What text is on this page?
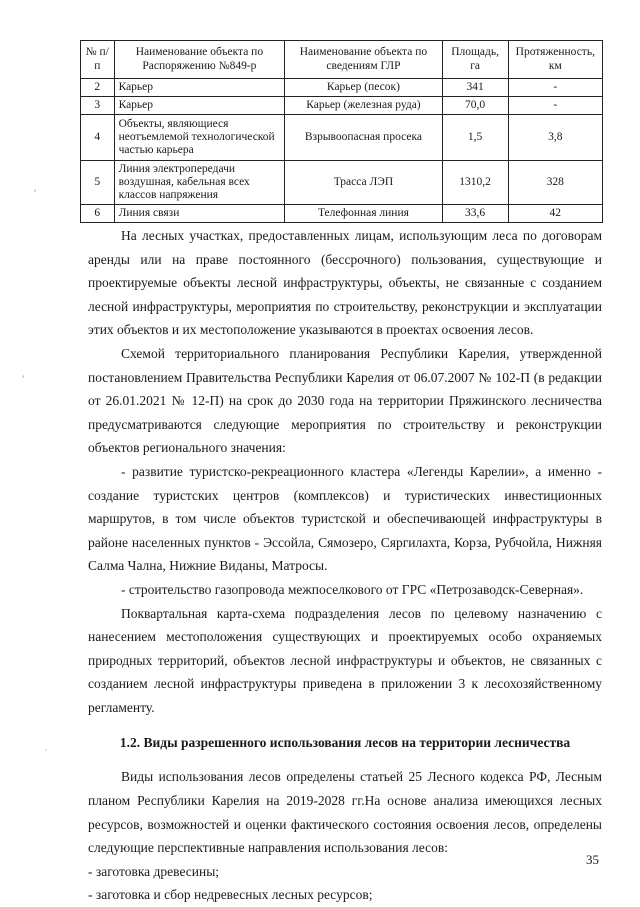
№ п/п	Наименование объекта по Распоряжению №849-р	Наименование объекта по сведениям ГЛР	Площадь, га	Протяженность, км
2	Карьер	Карьер (песок)	341	-
3	Карьер	Карьер (железная руда)	70,0	-
4	Объекты, являющиеся неотъемлемой технологической частью карьера	Взрывоопасная просека	1,5	3,8
5	Линия электропередачи воздушная, кабельная всех классов напряжения	Трасса ЛЭП	1310,2	328
6	Линия связи	Телефонная линия	33,6	42

На лесных участках, предоставленных лицам, использующим леса по договорам аренды или на праве постоянного (бессрочного) пользования, существующие и проектируемые объекты лесной инфраструктуры, объекты, не связанные с созданием лесной инфраструктуры, мероприятия по строительству, реконструкции и эксплуатации этих объектов и их местоположение указываются в проектах освоения лесов.

Схемой территориального планирования Республики Карелия, утвержденной постановлением Правительства Республики Карелия от 06.07.2007 № 102-П (в редакции от 26.01.2021 № 12-П) на срок до 2030 года на территории Пряжинского лесничества предусматриваются следующие мероприятия по строительству и реконструкции объектов регионального значения:

- развитие туристско-рекреационного кластера «Легенды Карелии», а именно - создание туристских центров (комплексов) и туристических инвестиционных маршрутов, в том числе объектов туристской и обеспечивающей инфраструктуры в районе населенных пунктов - Эссойла, Сямозеро, Сяргилахта, Корза, Рубчойла, Нижняя Салма Чална, Нижние Виданы, Матросы.

- строительство газопровода межпоселкового от ГРС «Петрозаводск-Северная».

Поквартальная карта-схема подразделения лесов по целевому назначению с нанесением местоположения существующих и проектируемых особо охраняемых природных территорий, объектов лесной инфраструктуры и объектов, не связанных с созданием лесной инфраструктуры приведена в приложении 3 к лесохозяйственному регламенту.

1.2. Виды разрешенного использования лесов на территории лесничества

Виды использования лесов определены статьей 25 Лесного кодекса РФ, Лесным планом Республики Карелия на 2019-2028 гг.На основе анализа имеющихся лесных ресурсов, возможностей и оценки фактического состояния освоения лесов, определены следующие перспективные направления использования лесов:

- заготовка древесины;

- заготовка и сбор недревесных лесных ресурсов;

35
′
′
˙
